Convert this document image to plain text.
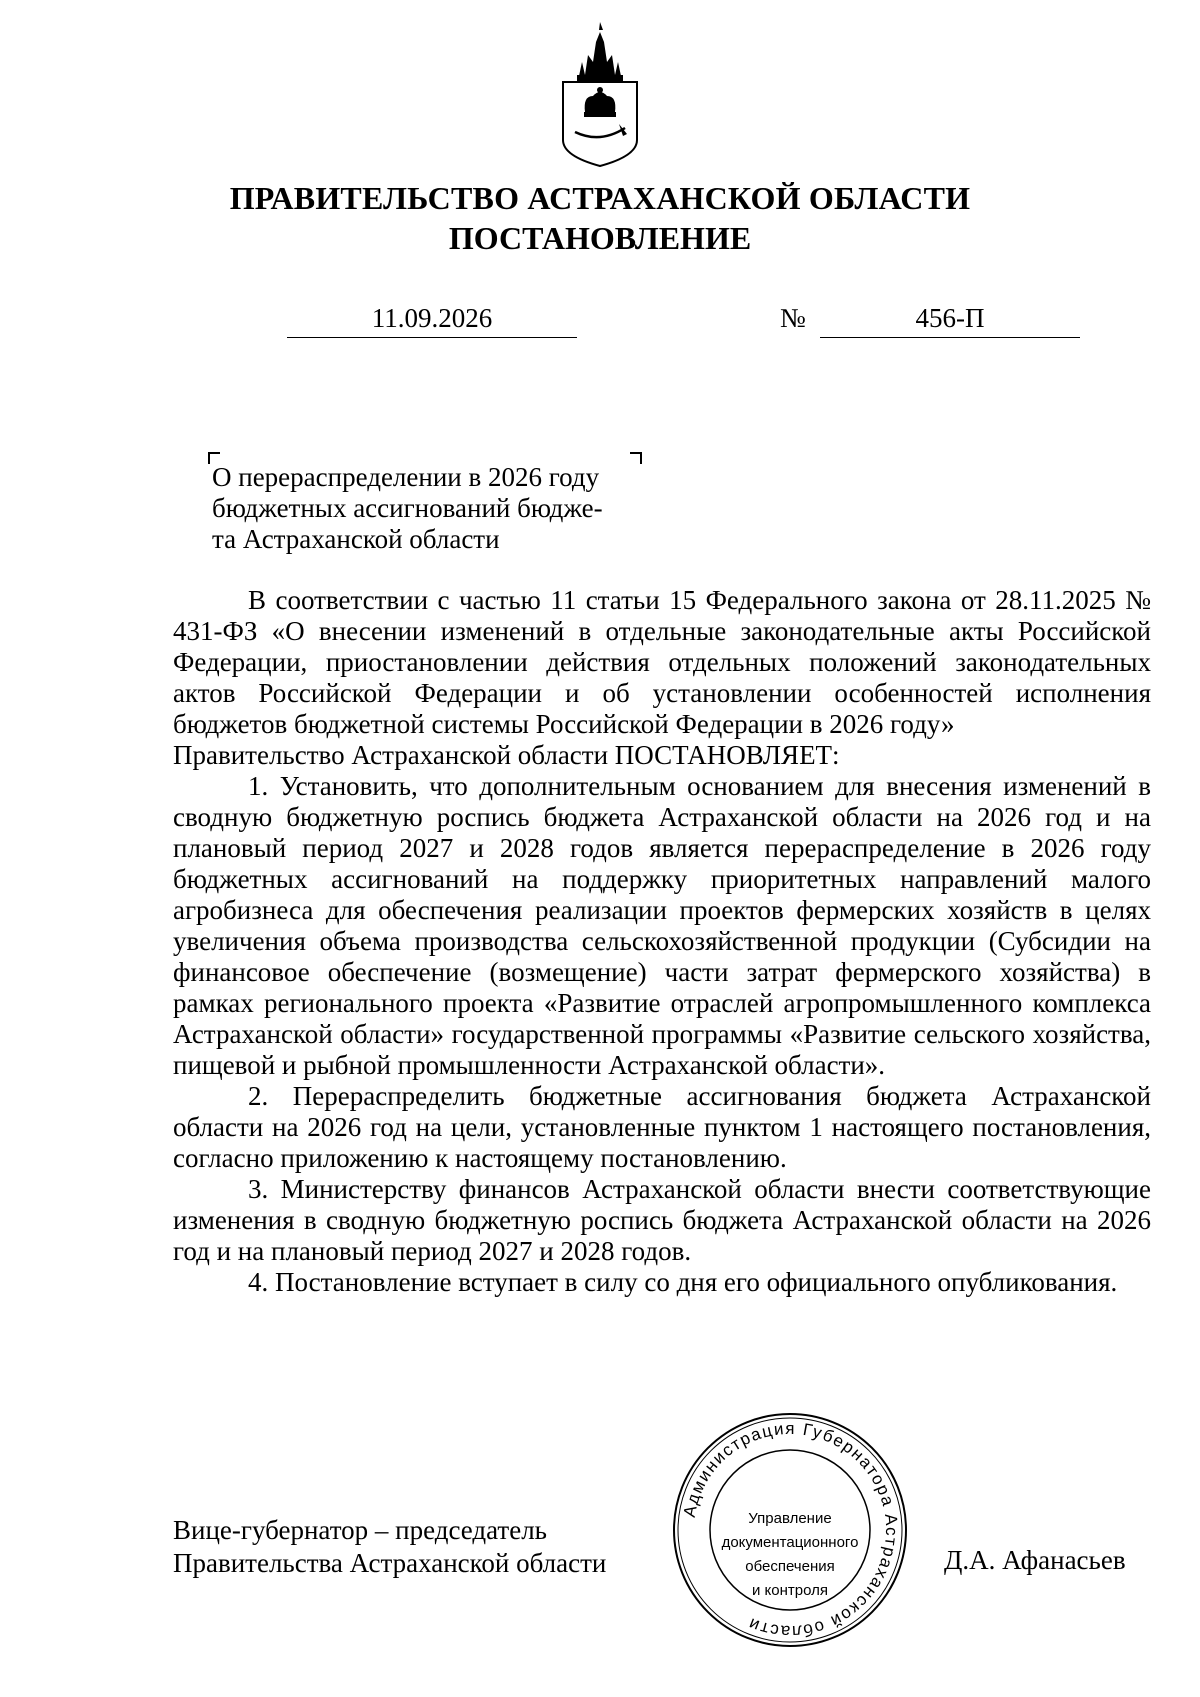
ПРАВИТЕЛЬСТВО АСТРАХАНСКОЙ ОБЛАСТИ
ПОСТАНОВЛЕНИЕ
11.09.2026	№	456-П
О перераспределении в 2026 году
бюджетных ассигнований бюдже-
та Астраханской области

В соответствии с частью 11 статьи 15 Федерального закона от 28.11.2025 № 431-ФЗ «О внесении изменений в отдельные законодательные акты Российской Федерации, приостановлении действия отдельных положений законодательных актов Российской Федерации и об установлении особенностей исполнения бюджетов бюджетной системы Российской Федерации в 2026 году»

Правительство Астраханской области ПОСТАНОВЛЯЕТ:

1. Установить, что дополнительным основанием для внесения изменений в сводную бюджетную роспись бюджета Астраханской области на 2026 год и на плановый период 2027 и 2028 годов является перераспределение в 2026 году бюджетных ассигнований на поддержку приоритетных направлений малого агробизнеса для обеспечения реализации проектов фермерских хозяйств в целях увеличения объема производства сельскохозяйственной продукции (Субсидии на финансовое обеспечение (возмещение) части затрат фермерского хозяйства) в рамках регионального проекта «Развитие отраслей агропромышленного комплекса Астраханской области» государственной программы «Развитие сельского хозяйства, пищевой и рыбной промышленности Астраханской области».

2. Перераспределить бюджетные ассигнования бюджета Астраханской области на 2026 год на цели, установленные пунктом 1 настоящего постановления, согласно приложению к настоящему постановлению.

3. Министерству финансов Астраханской области внести соответствующие изменения в сводную бюджетную роспись бюджета Астраханской области на 2026 год и на плановый период 2027 и 2028 годов.

4. Постановление вступает в силу со дня его официального опубликования.

Вице-губернатор – председатель
Правительства Астраханской области
Администрация Губернатора Астраханской области
Управление
документационного
обеспечения
и контроля
Д.А. Афанасьев
